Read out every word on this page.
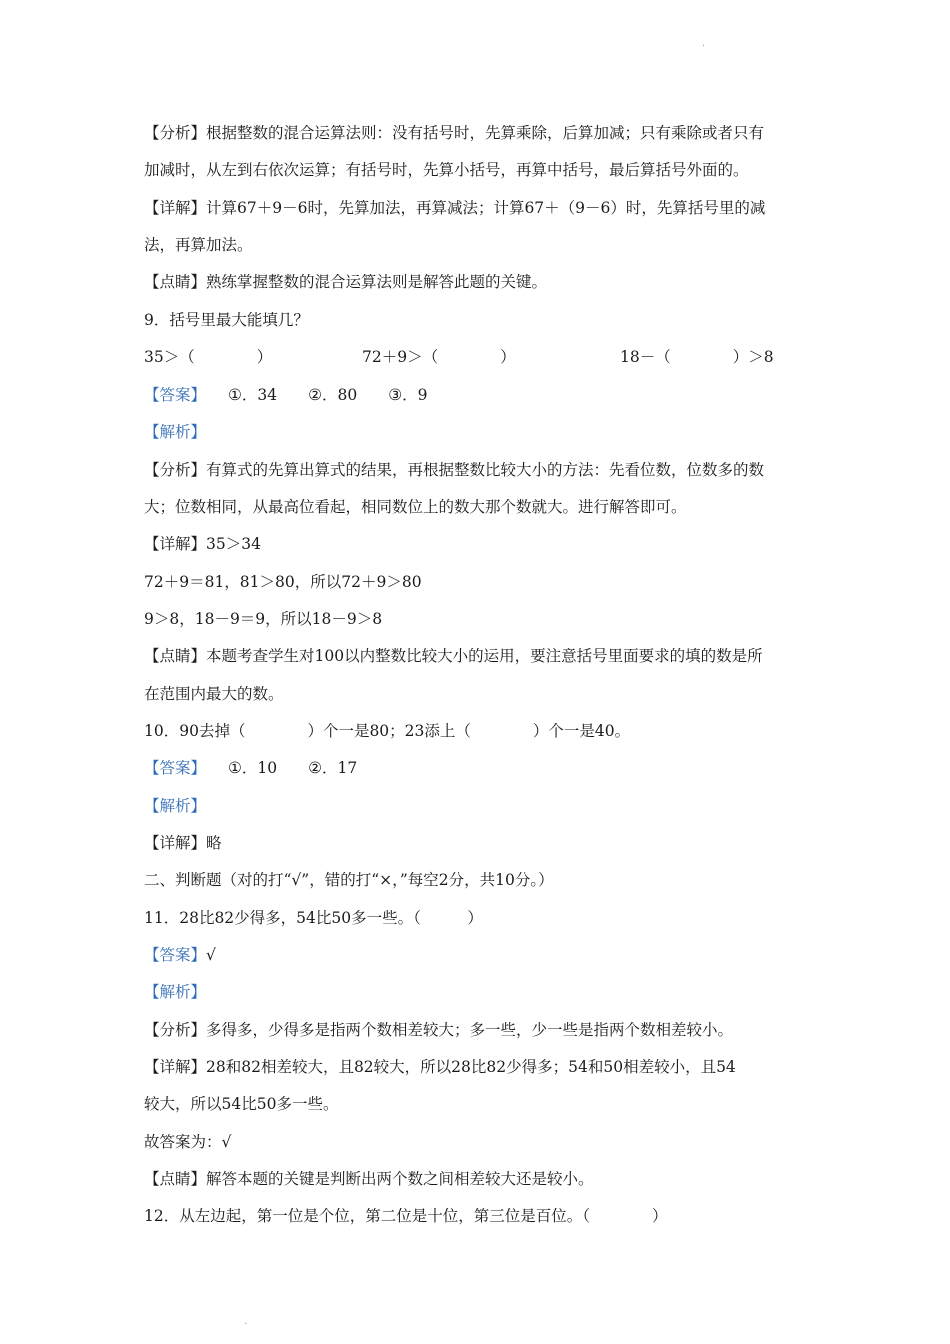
.
【分析】根据整数的混合运算法则：没有括号时，先算乘除，后算加减；只有乘除或者只有
加减时，从左到右依次运算；有括号时，先算小括号，再算中括号，最后算括号外面的。
【详解】计算67＋9－6时，先算加法，再算减法；计算67＋（9－6）时，先算括号里的减
法，再算加法。
【点睛】熟练掌握整数的混合运算法则是解答此题的关键。
9．括号里最大能填几？
35＞（　　　　）	72＋9＞（　　　　）	18－（　　　　）＞8
【答案】 ①．34　　②．80　　③．9
【解析】
【分析】有算式的先算出算式的结果，再根据整数比较大小的方法：先看位数，位数多的数
大；位数相同，从最高位看起，相同数位上的数大那个数就大。进行解答即可。
【详解】35＞34
72＋9＝81，81＞80，所以72＋9＞80
9＞8，18－9＝9，所以18－9＞8
【点睛】本题考查学生对100以内整数比较大小的运用，要注意括号里面要求的填的数是所
在范围内最大的数。
10．90去掉（　　　　）个一是80；23添上（　　　　）个一是40。
【答案】 ①．10　　②．17
【解析】
【详解】略
二、判断题（对的打“√”，错的打“×，”每空2分，共10分。）
11．28比82少得多，54比50多一些。（　　　）
【答案】√
【解析】
【分析】多得多，少得多是指两个数相差较大；多一些，少一些是指两个数相差较小。
【详解】28和82相差较大，且82较大，所以28比82少得多；54和50相差较小，且54
较大，所以54比50多一些。
故答案为：√
【点睛】解答本题的关键是判断出两个数之间相差较大还是较小。
12．从左边起，第一位是个位，第二位是十位，第三位是百位。（　　　　）
.
